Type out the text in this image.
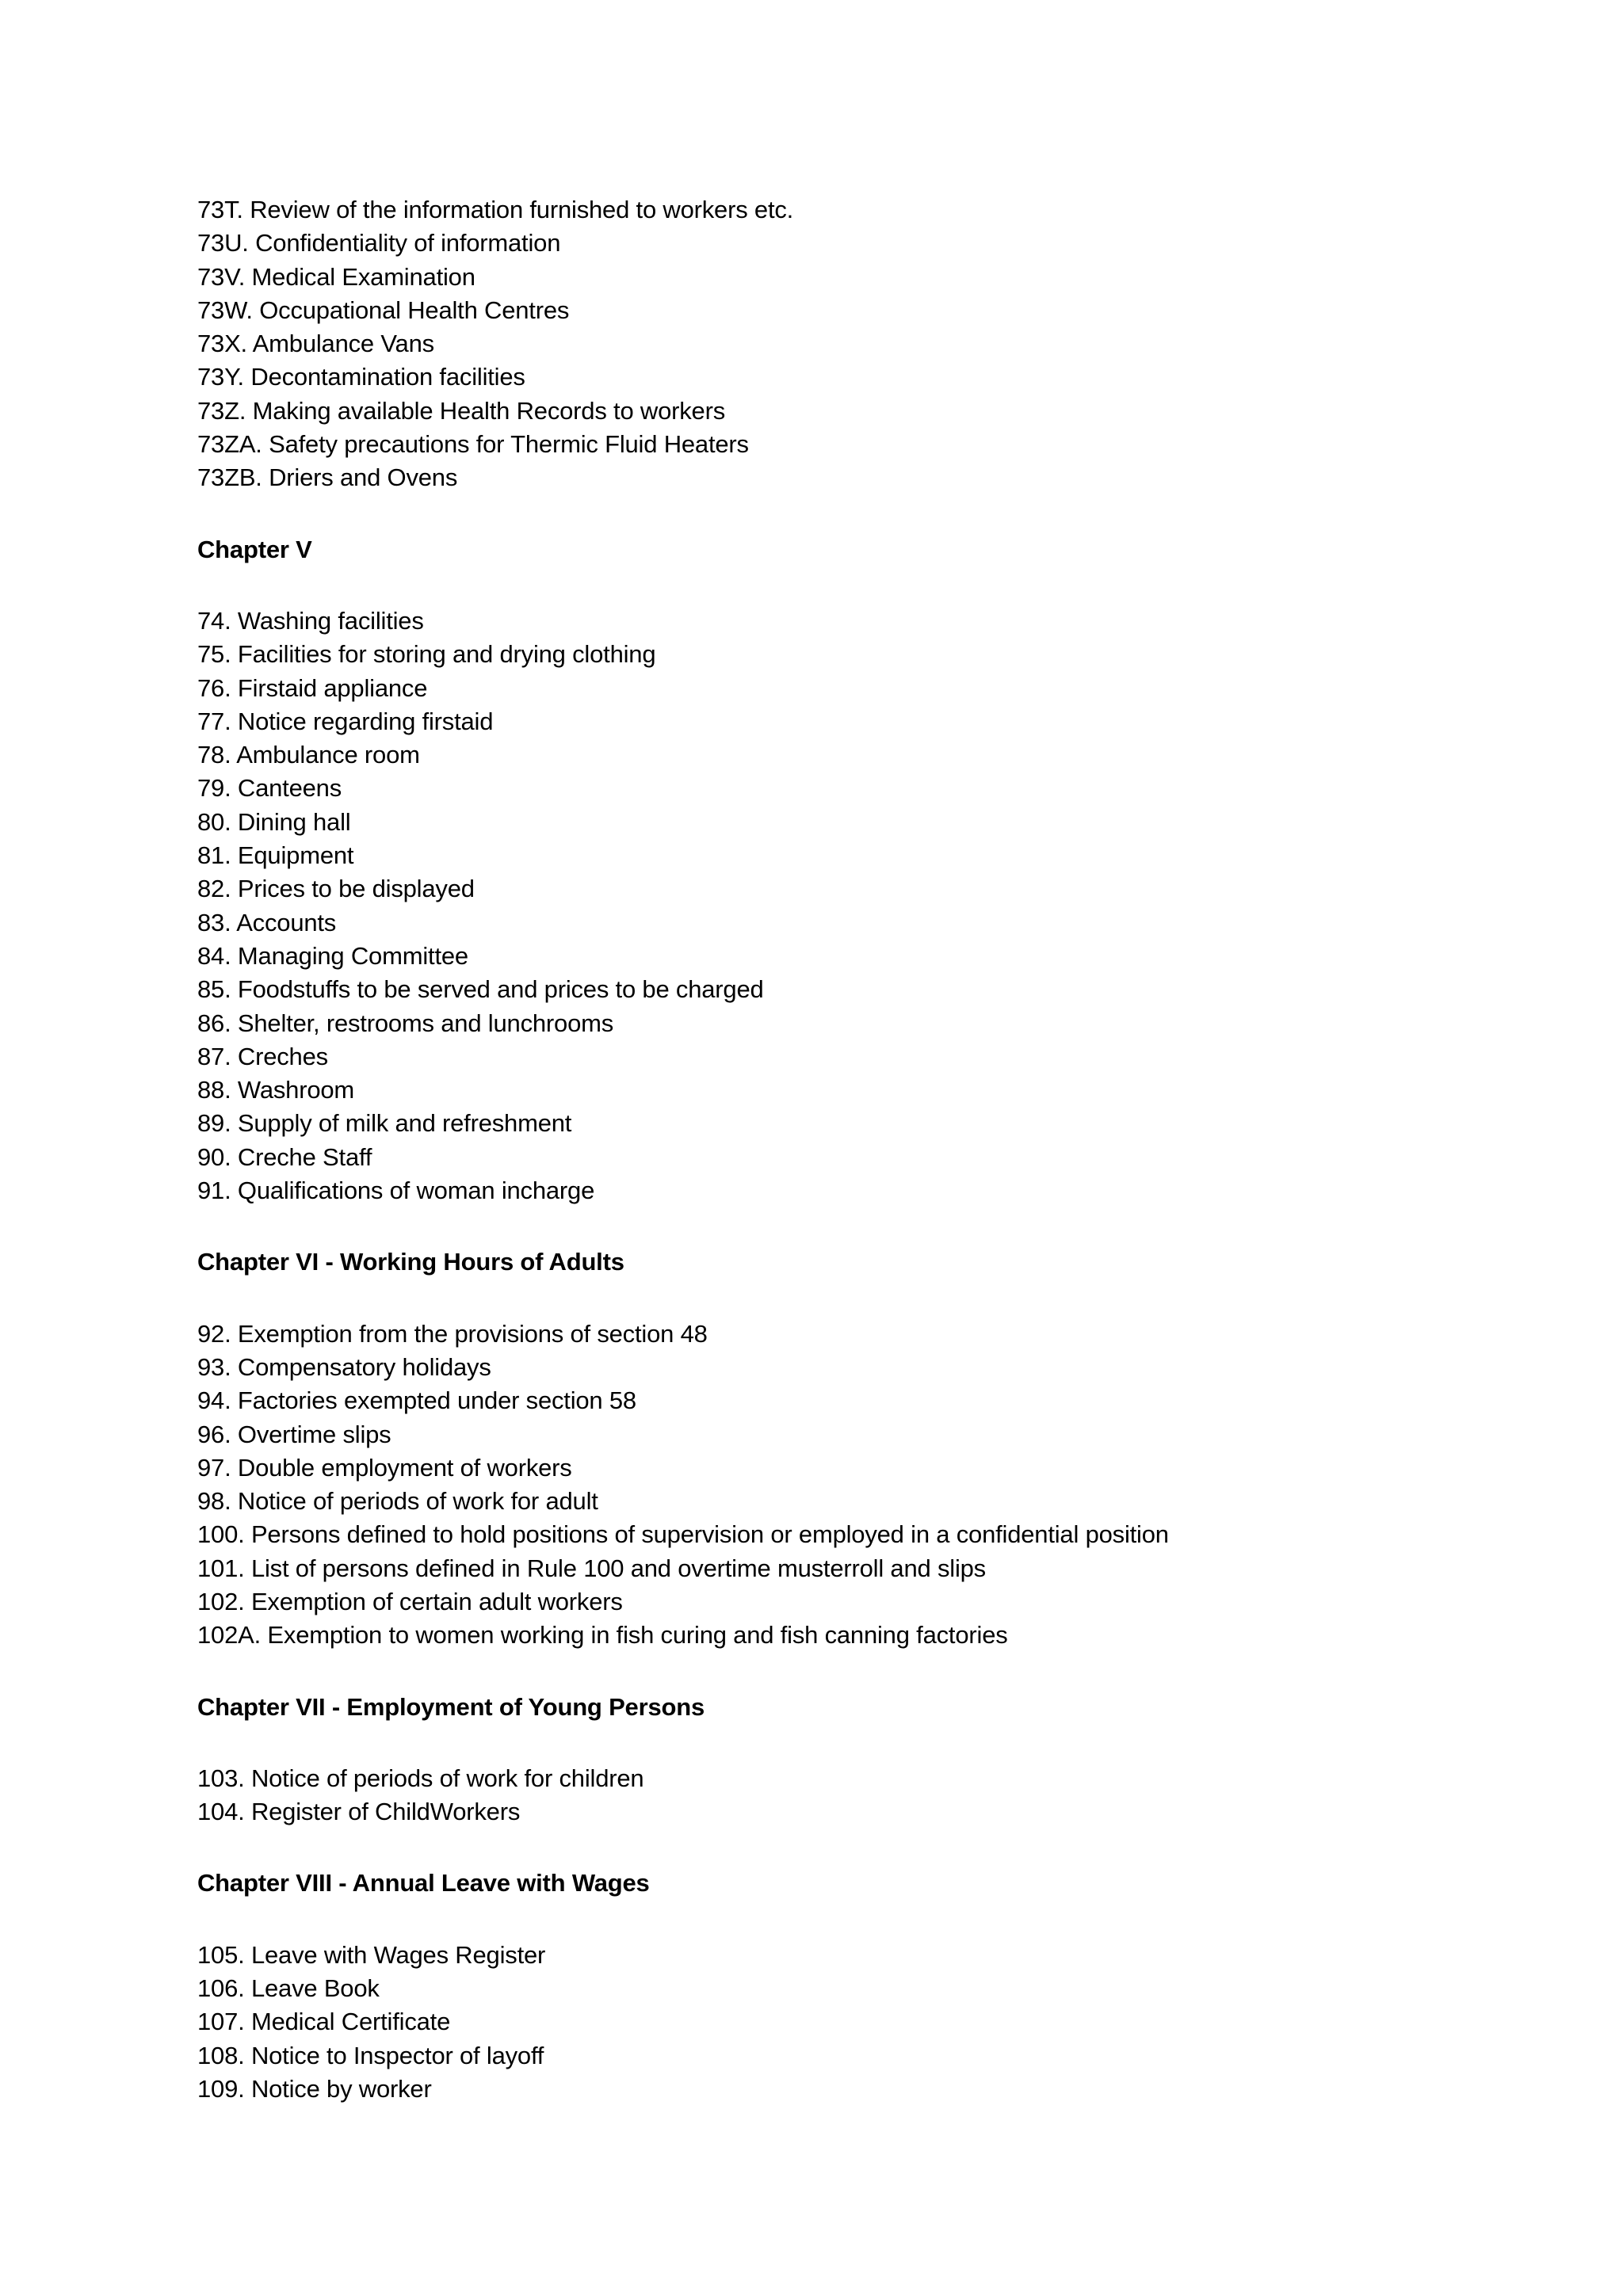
73T. Review of the information furnished to workers etc.
73U. Confidentiality of information
73V. Medical Examination
73W. Occupational Health Centres
73X. Ambulance Vans
73Y. Decontamination facilities
73Z. Making available Health Records to workers
73ZA. Safety precautions for Thermic Fluid Heaters
73ZB. Driers and Ovens
Chapter V
74. Washing facilities
75. Facilities for storing and drying clothing
76. Firstaid appliance
77. Notice regarding firstaid
78. Ambulance room
79. Canteens
80. Dining hall
81. Equipment
82. Prices to be displayed
83. Accounts
84. Managing Committee
85. Foodstuffs to be served and prices to be charged
86. Shelter, restrooms and lunchrooms
87. Creches
88. Washroom
89. Supply of milk and refreshment
90. Creche Staff
91. Qualifications of woman incharge
Chapter VI - Working Hours of Adults
92. Exemption from the provisions of section 48
93. Compensatory holidays
94. Factories exempted under section 58
96. Overtime slips
97. Double employment of workers
98. Notice of periods of work for adult
100. Persons defined to hold positions of supervision or employed in a confidential position
101. List of persons defined in Rule 100 and overtime musterroll and slips
102. Exemption of certain adult workers
102A. Exemption to women working in fish curing and fish canning factories
Chapter VII - Employment of Young Persons
103. Notice of periods of work for children
104. Register of ChildWorkers
Chapter VIII - Annual Leave with Wages
105. Leave with Wages Register
106. Leave Book
107. Medical Certificate
108. Notice to Inspector of layoff
109. Notice by worker
